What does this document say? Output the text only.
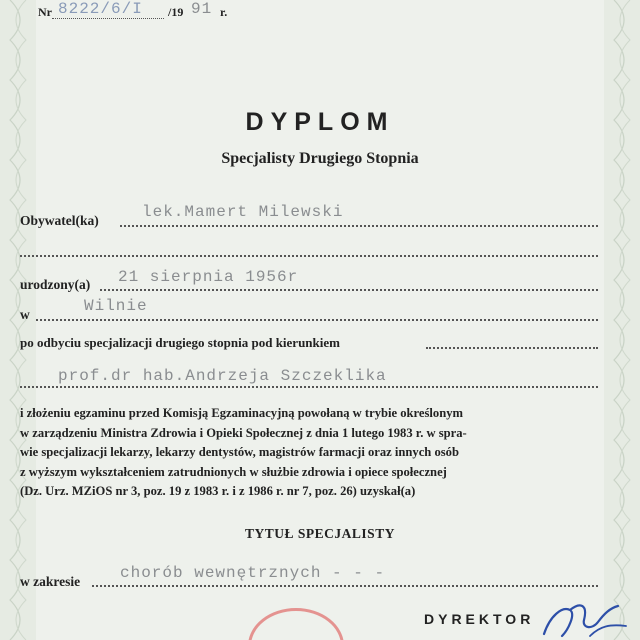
Nr 8222/6/I /19 91 r.
DYPLOM
Specjalisty Drugiego Stopnia
Obywatel(ka)	lek.Mamert Milewski
urodzony(a) 21 sierpnia 1956r
w	Wilnie
po odbyciu specjalizacji drugiego stopnia pod kierunkiem
prof.dr hab.Andrzeja Szczeklika
i złożeniu egzaminu przed Komisją Egzaminacyjną powołaną w trybie określonym
w zarządzeniu Ministra Zdrowia i Opieki Społecznej z dnia 1 lutego 1983 r. w spra-
wie specjalizacji lekarzy, lekarzy dentystów, magistrów farmacji oraz innych osób
z wyższym wykształceniem zatrudnionych w służbie zdrowia i opiece społecznej
(Dz. Urz. MZiOS nr 3, poz. 19 z 1983 r. i z 1986 r. nr 7, poz. 26) uzyskał(a)
TYTUŁ SPECJALISTY
w zakresie chorób wewnętrznych - - -
DYREKTOR
